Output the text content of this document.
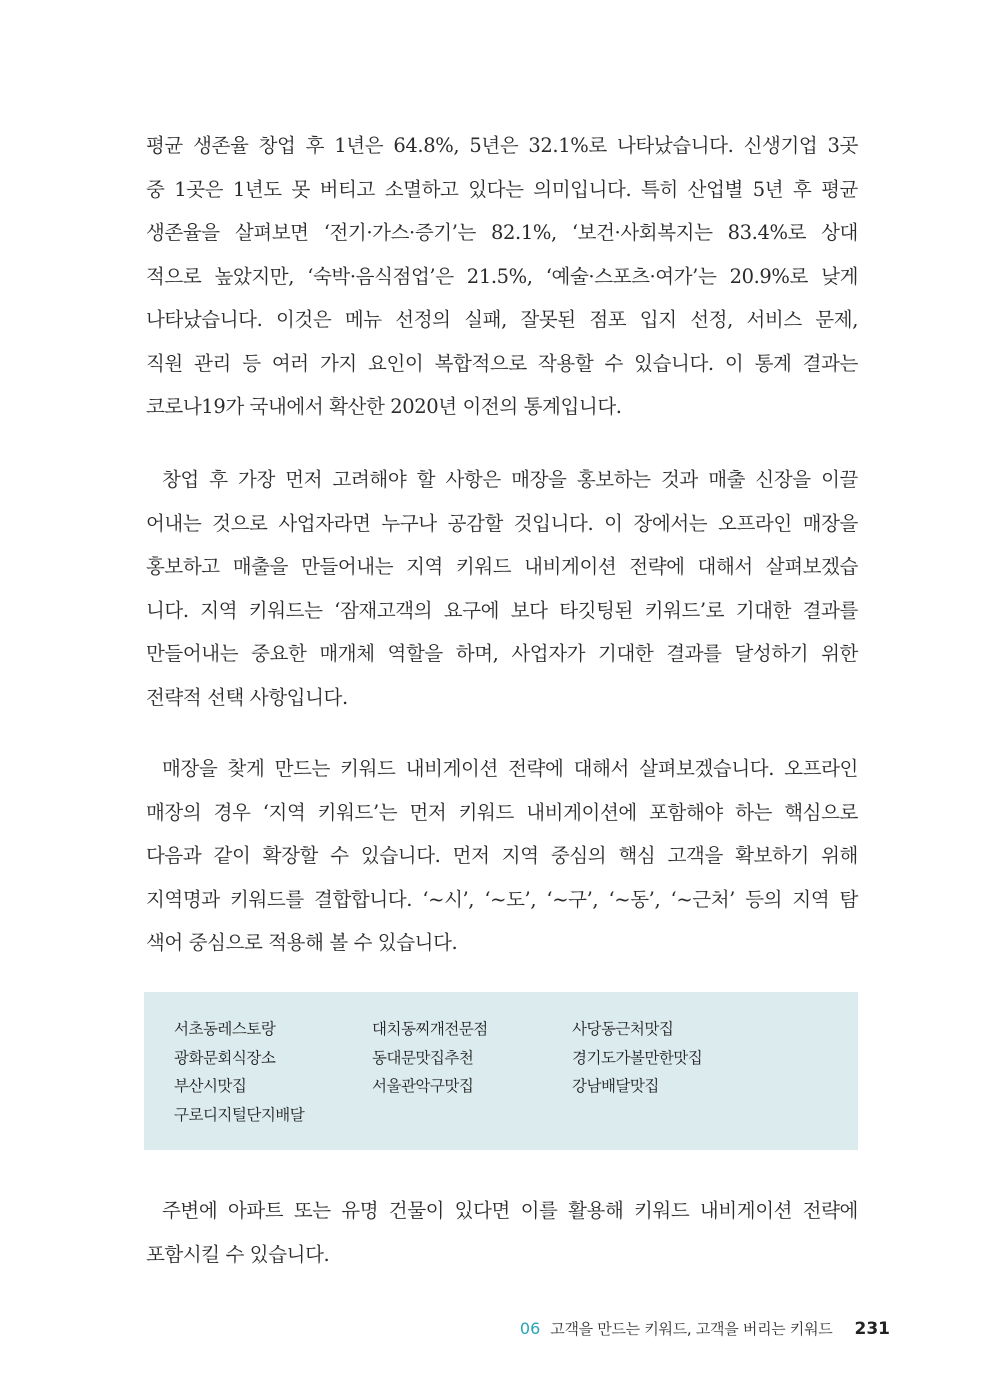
평균 생존율 창업 후 1년은 64.8%, 5년은 32.1%로 나타났습니다. 신생기업 3곳
중 1곳은 1년도 못 버티고 소멸하고 있다는 의미입니다. 특히 산업별 5년 후 평균
생존율을 살펴보면 ‘전기·가스·증기’는 82.1%, ‘보건·사회복지는 83.4%로 상대
적으로 높았지만, ‘숙박·음식점업’은 21.5%, ‘예술·스포츠·여가’는 20.9%로 낮게
나타났습니다. 이것은 메뉴 선정의 실패, 잘못된 점포 입지 선정, 서비스 문제,
직원 관리 등 여러 가지 요인이 복합적으로 작용할 수 있습니다. 이 통계 결과는
코로나19가 국내에서 확산한 2020년 이전의 통계입니다.
창업 후 가장 먼저 고려해야 할 사항은 매장을 홍보하는 것과 매출 신장을 이끌
어내는 것으로 사업자라면 누구나 공감할 것입니다. 이 장에서는 오프라인 매장을
홍보하고 매출을 만들어내는 지역 키워드 내비게이션 전략에 대해서 살펴보겠습
니다. 지역 키워드는 ‘잠재고객의 요구에 보다 타깃팅된 키워드’로 기대한 결과를
만들어내는 중요한 매개체 역할을 하며, 사업자가 기대한 결과를 달성하기 위한
전략적 선택 사항입니다.
매장을 찾게 만드는 키워드 내비게이션 전략에 대해서 살펴보겠습니다. 오프라인
매장의 경우 ‘지역 키워드’는 먼저 키워드 내비게이션에 포함해야 하는 핵심으로
다음과 같이 확장할 수 있습니다. 먼저 지역 중심의 핵심 고객을 확보하기 위해
지역명과 키워드를 결합합니다. ‘~시’, ‘~도’, ‘~구’, ‘~동’, ‘~근처’ 등의 지역 탐
색어 중심으로 적용해 볼 수 있습니다.
서초동레스토랑
광화문회식장소
부산시맛집
구로디지털단지배달
대치동찌개전문점
동대문맛집추천
서울관악구맛집
사당동근처맛집
경기도가볼만한맛집
강남배달맛집
주변에 아파트 또는 유명 건물이 있다면 이를 활용해 키워드 내비게이션 전략에
포함시킬 수 있습니다.
06 고객을 만드는 키워드, 고객을 버리는 키워드 231
